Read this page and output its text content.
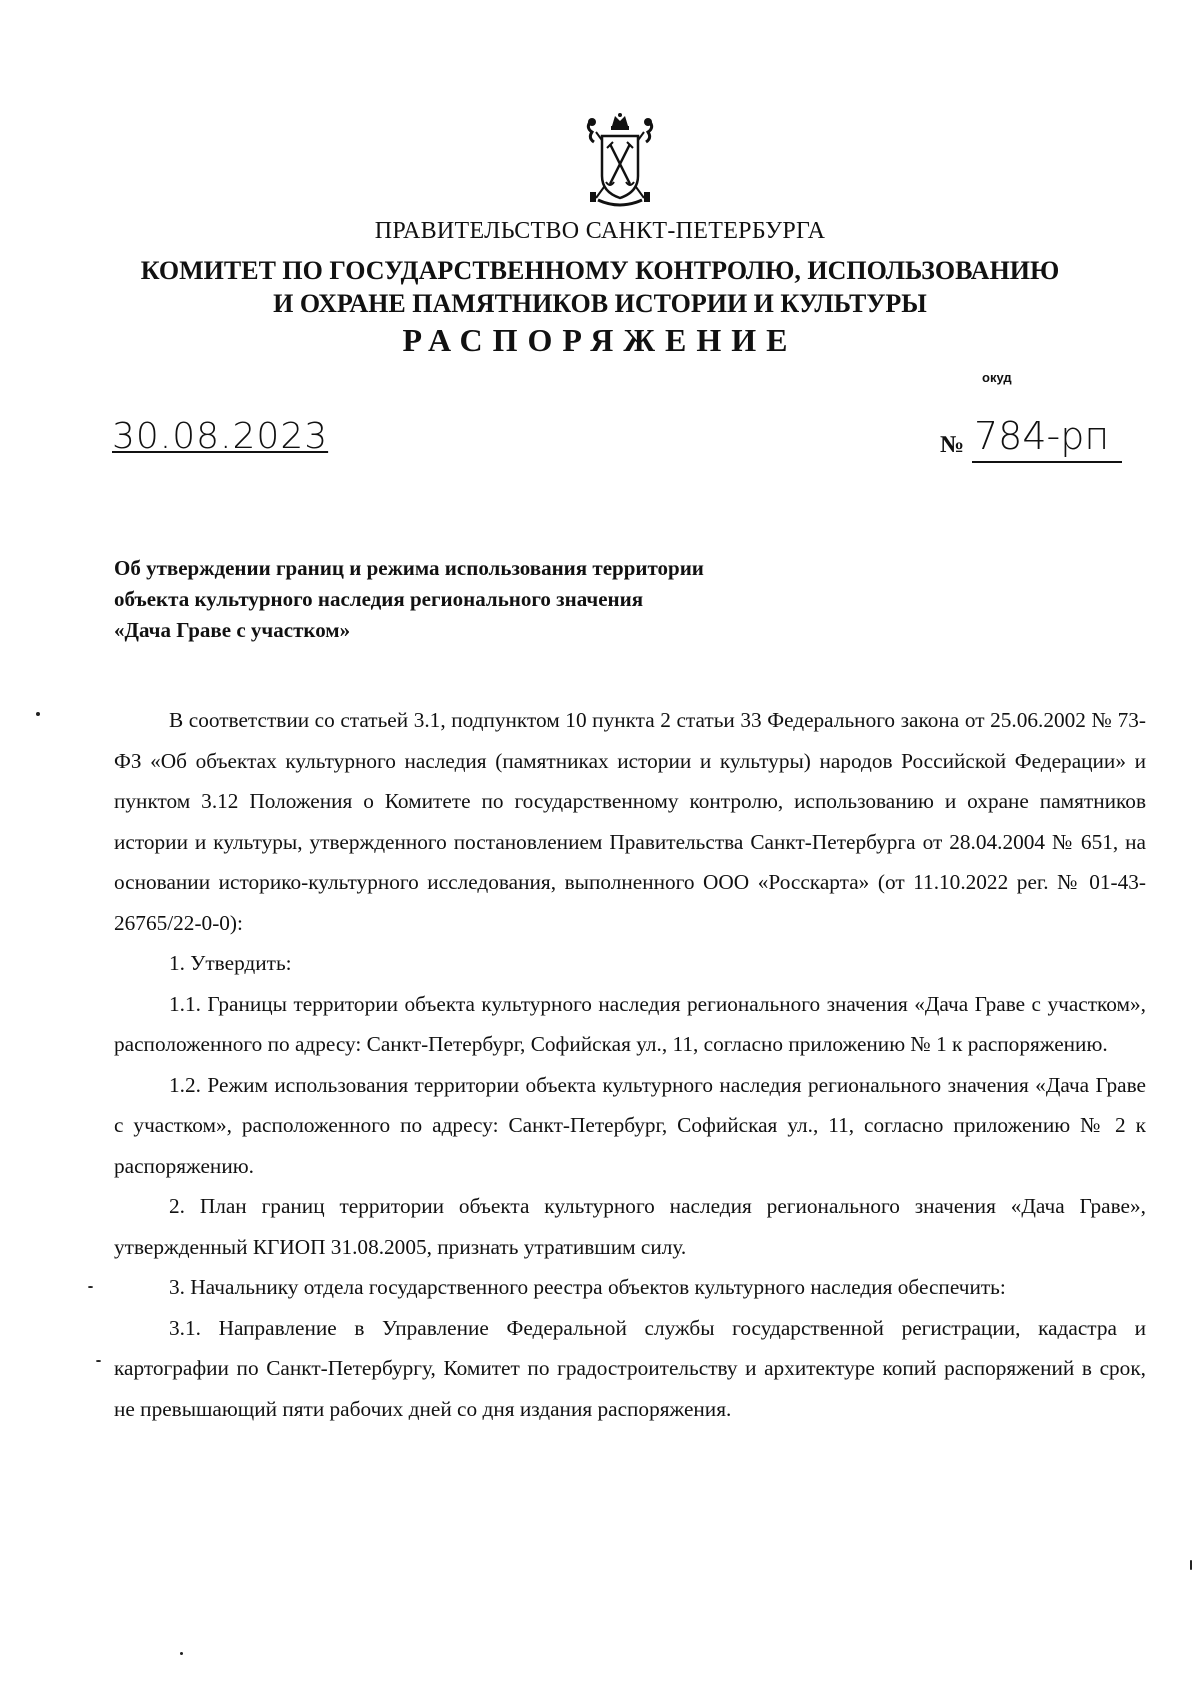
ПРАВИТЕЛЬСТВО САНКТ-ПЕТЕРБУРГА
КОМИТЕТ ПО ГОСУДАРСТВЕННОМУ КОНТРОЛЮ, ИСПОЛЬЗОВАНИЮ
И ОХРАНЕ ПАМЯТНИКОВ ИСТОРИИ И КУЛЬТУРЫ
РАСПОРЯЖЕНИЕ
окуд
30.08.2023	№ 784-рп
Об утверждении границ и режима использования территории
объекта культурного наследия регионального значения
«Дача Граве с участком»

В соответствии со статьей 3.1, подпунктом 10 пункта 2 статьи 33 Федерального закона от 25.06.2002 № 73-ФЗ «Об объектах культурного наследия (памятниках истории и культуры) народов Российской Федерации» и пунктом 3.12 Положения о Комитете по государственному контролю, использованию и охране памятников истории и культуры, утвержденного постановлением Правительства Санкт-Петербурга от 28.04.2004 № 651, на основании историко-культурного исследования, выполненного ООО «Росскарта» (от 11.10.2022 рег. № 01-43-26765/22-0-0):

1. Утвердить:

1.1. Границы территории объекта культурного наследия регионального значения «Дача Граве с участком», расположенного по адресу: Санкт-Петербург, Софийская ул., 11, согласно приложению № 1 к распоряжению.

1.2. Режим использования территории объекта культурного наследия регионального значения «Дача Граве с участком», расположенного по адресу: Санкт-Петербург, Софийская ул., 11, согласно приложению № 2 к распоряжению.

2. План границ территории объекта культурного наследия регионального значения «Дача Граве», утвержденный КГИОП 31.08.2005, признать утратившим силу.

3. Начальнику отдела государственного реестра объектов культурного наследия обеспечить:

3.1. Направление в Управление Федеральной службы государственной регистрации, кадастра и картографии по Санкт-Петербургу, Комитет по градостроительству и архитектуре копий распоряжений в срок, не превышающий пяти рабочих дней со дня издания распоряжения.
